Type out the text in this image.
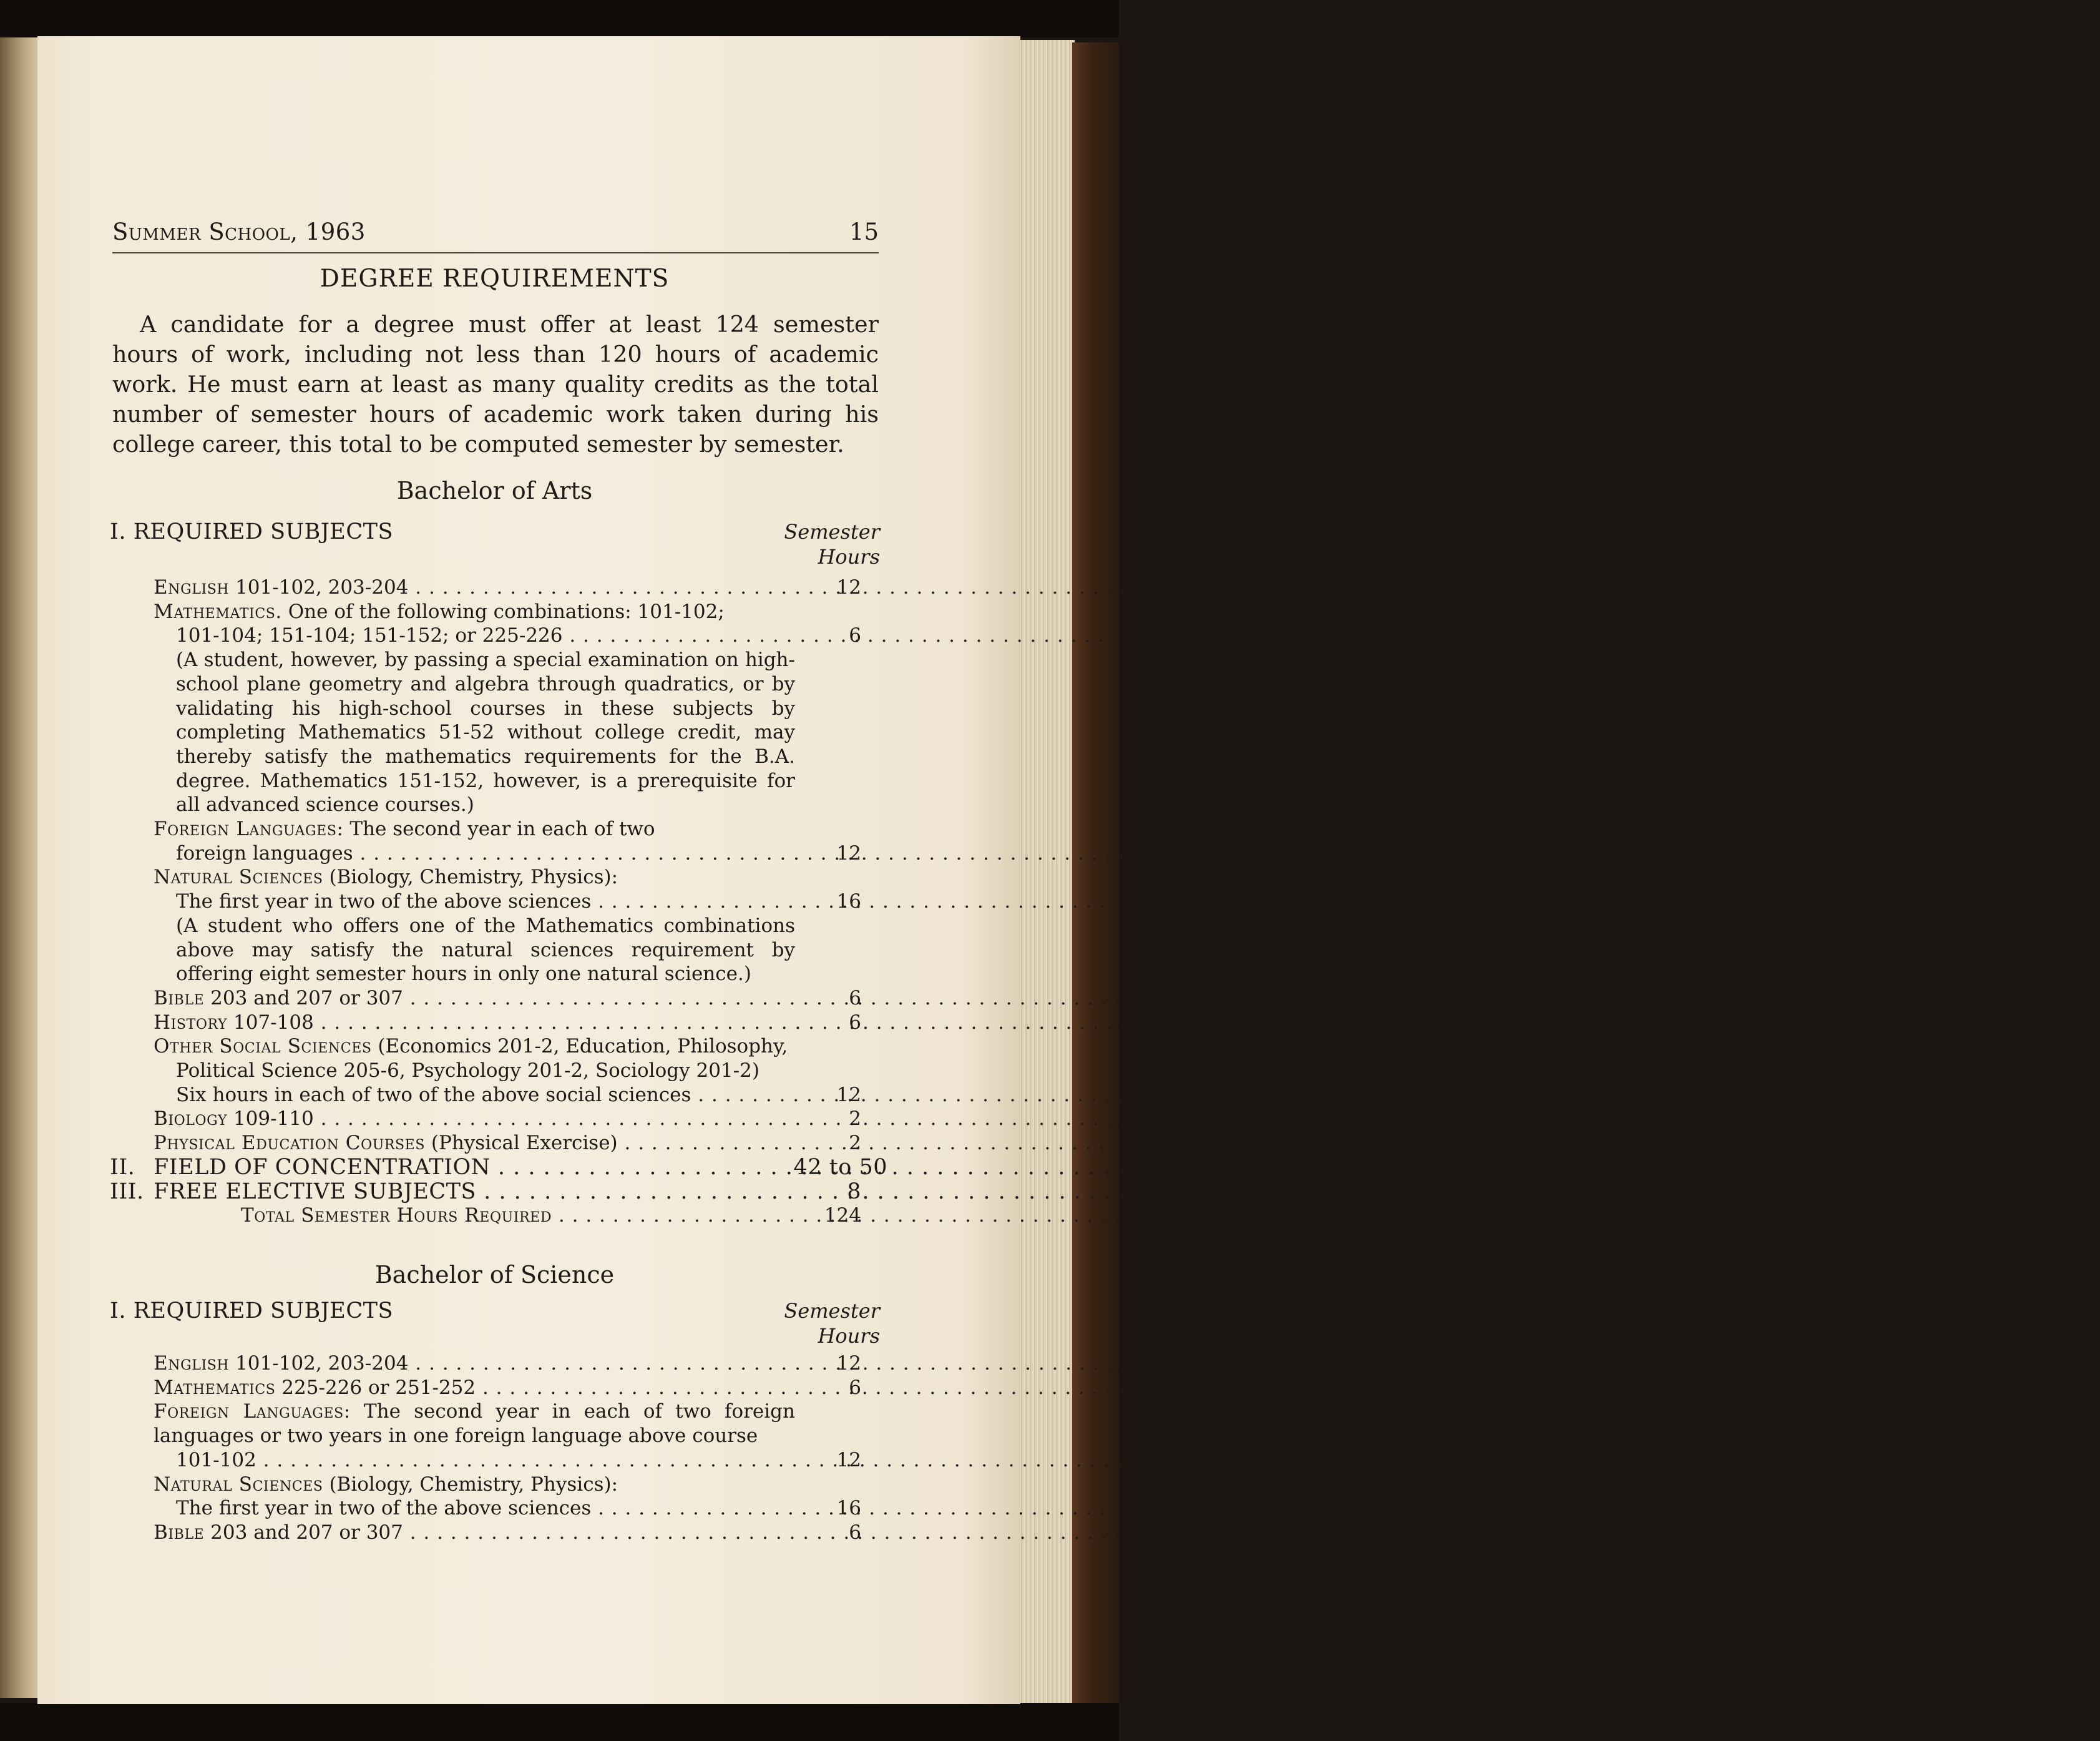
Summer School, 1963	15
DEGREE REQUIREMENTS

A candidate for a degree must offer at least 124 semester hours of work, including not less than 120 hours of academic work. He must earn at least as many quality credits as the total number of semester hours of academic work taken during his college career, this total to be computed semester by semester.

Bachelor of Arts
I. REQUIRED SUBJECTS	Semester
Hours
English 101-102, 203-204 . . .	12
Mathematics. One of the following combinations: 101-102;
101-104; 151-104; 151-152; or 225-226 . . .	6
(A student, however, by passing a special examination on high-school plane geometry and algebra through quadratics, or by validating his high-school courses in these subjects by completing Mathematics 51-52 without college credit, may thereby satisfy the mathematics requirements for the B.A. degree. Mathematics 151-152, however, is a prerequisite for all advanced science courses.)
Foreign Languages: The second year in each of two
foreign languages . . .	12
Natural Sciences (Biology, Chemistry, Physics):
The first year in two of the above sciences . . .	16
(A student who offers one of the Mathematics combinations above may satisfy the natural sciences requirement by offering eight semester hours in only one natural science.)
Bible 203 and 207 or 307 . . .	6
History 107-108 . . .	6
Other Social Sciences (Economics 201-2, Education, Philosophy,
Political Science 205-6, Psychology 201-2, Sociology 201-2)
Six hours in each of two of the above social sciences . . .	12
Biology 109-110 . . .	2
Physical Education Courses (Physical Exercise) . . .	2
II. FIELD OF CONCENTRATION . . .	42 to 50
III. FREE ELECTIVE SUBJECTS . . .	8
Total Semester Hours Required . . .	124
Bachelor of Science
I. REQUIRED SUBJECTS	Semester
Hours
English 101-102, 203-204 . . .	12
Mathematics 225-226 or 251-252 . . .	6
Foreign Languages: The second year in each of two foreign languages or two years in one foreign language above course
101-102 . . .	12
Natural Sciences (Biology, Chemistry, Physics):
The first year in two of the above sciences . . .	16
Bible 203 and 207 or 307 . . .	6
